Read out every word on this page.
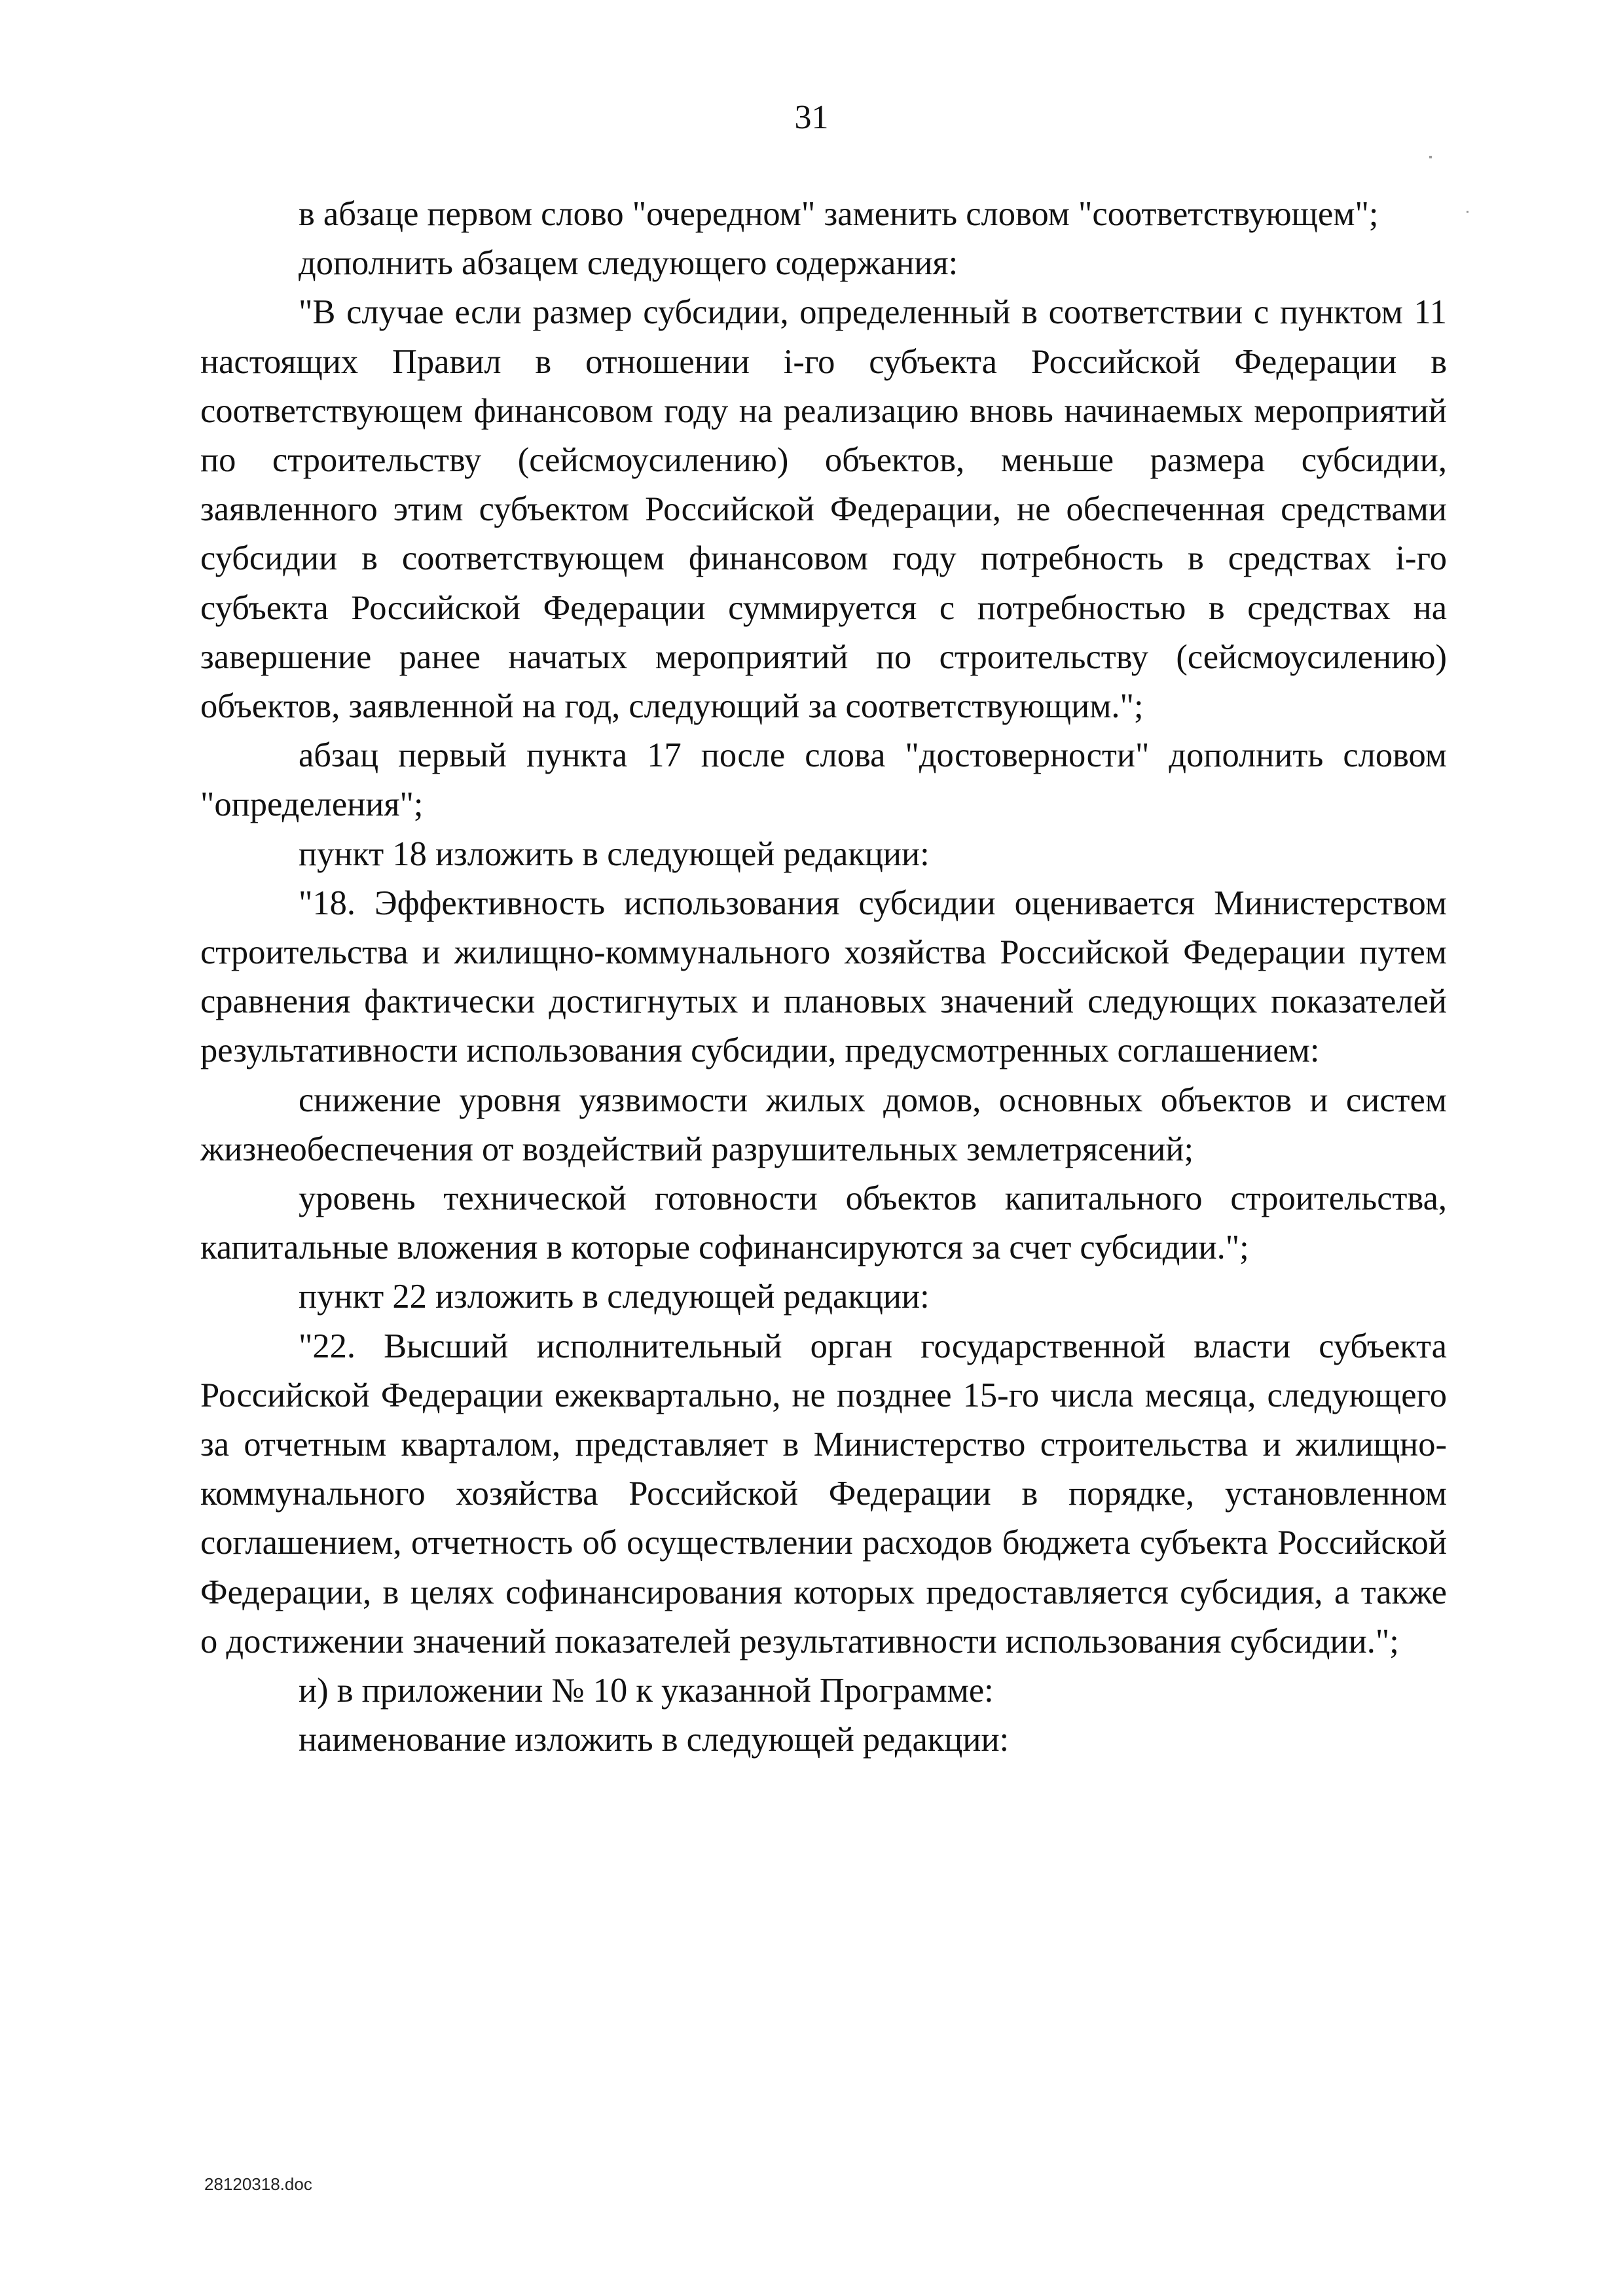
31

в абзаце первом слово "очередном" заменить словом "соответствующем";

дополнить абзацем следующего содержания:

"В случае если размер субсидии, определенный в соответствии с пунктом 11 настоящих Правил в отношении i-го субъекта Российской Федерации в соответствующем финансовом году на реализацию вновь начинаемых мероприятий по строительству (сейсмоусилению) объектов, меньше размера субсидии, заявленного этим субъектом Российской Федерации, не обеспеченная средствами субсидии в соответствующем финансовом году потребность в средствах i-го субъекта Российской Федерации суммируется с потребностью в средствах на завершение ранее начатых мероприятий по строительству (сейсмоусилению) объектов, заявленной на год, следующий за соответствующим.";

абзац первый пункта 17 после слова "достоверности" дополнить словом "определения";

пункт 18 изложить в следующей редакции:

"18. Эффективность использования субсидии оценивается Министерством строительства и жилищно-коммунального хозяйства Российской Федерации путем сравнения фактически достигнутых и плановых значений следующих показателей результативности использования субсидии, предусмотренных соглашением:

снижение уровня уязвимости жилых домов, основных объектов и систем жизнеобеспечения от воздействий разрушительных землетрясений;

уровень технической готовности объектов капитального строительства, капитальные вложения в которые софинансируются за счет субсидии.";

пункт 22 изложить в следующей редакции:

"22. Высший исполнительный орган государственной власти субъекта Российской Федерации ежеквартально, не позднее 15-го числа месяца, следующего за отчетным кварталом, представляет в Министерство строительства и жилищно-коммунального хозяйства Российской Федерации в порядке, установленном соглашением, отчетность об осуществлении расходов бюджета субъекта Российской Федерации, в целях софинансирования которых предоставляется субсидия, а также о достижении значений показателей результативности использования субсидии.";

и) в приложении № 10 к указанной Программе:

наименование изложить в следующей редакции:

28120318.doc
